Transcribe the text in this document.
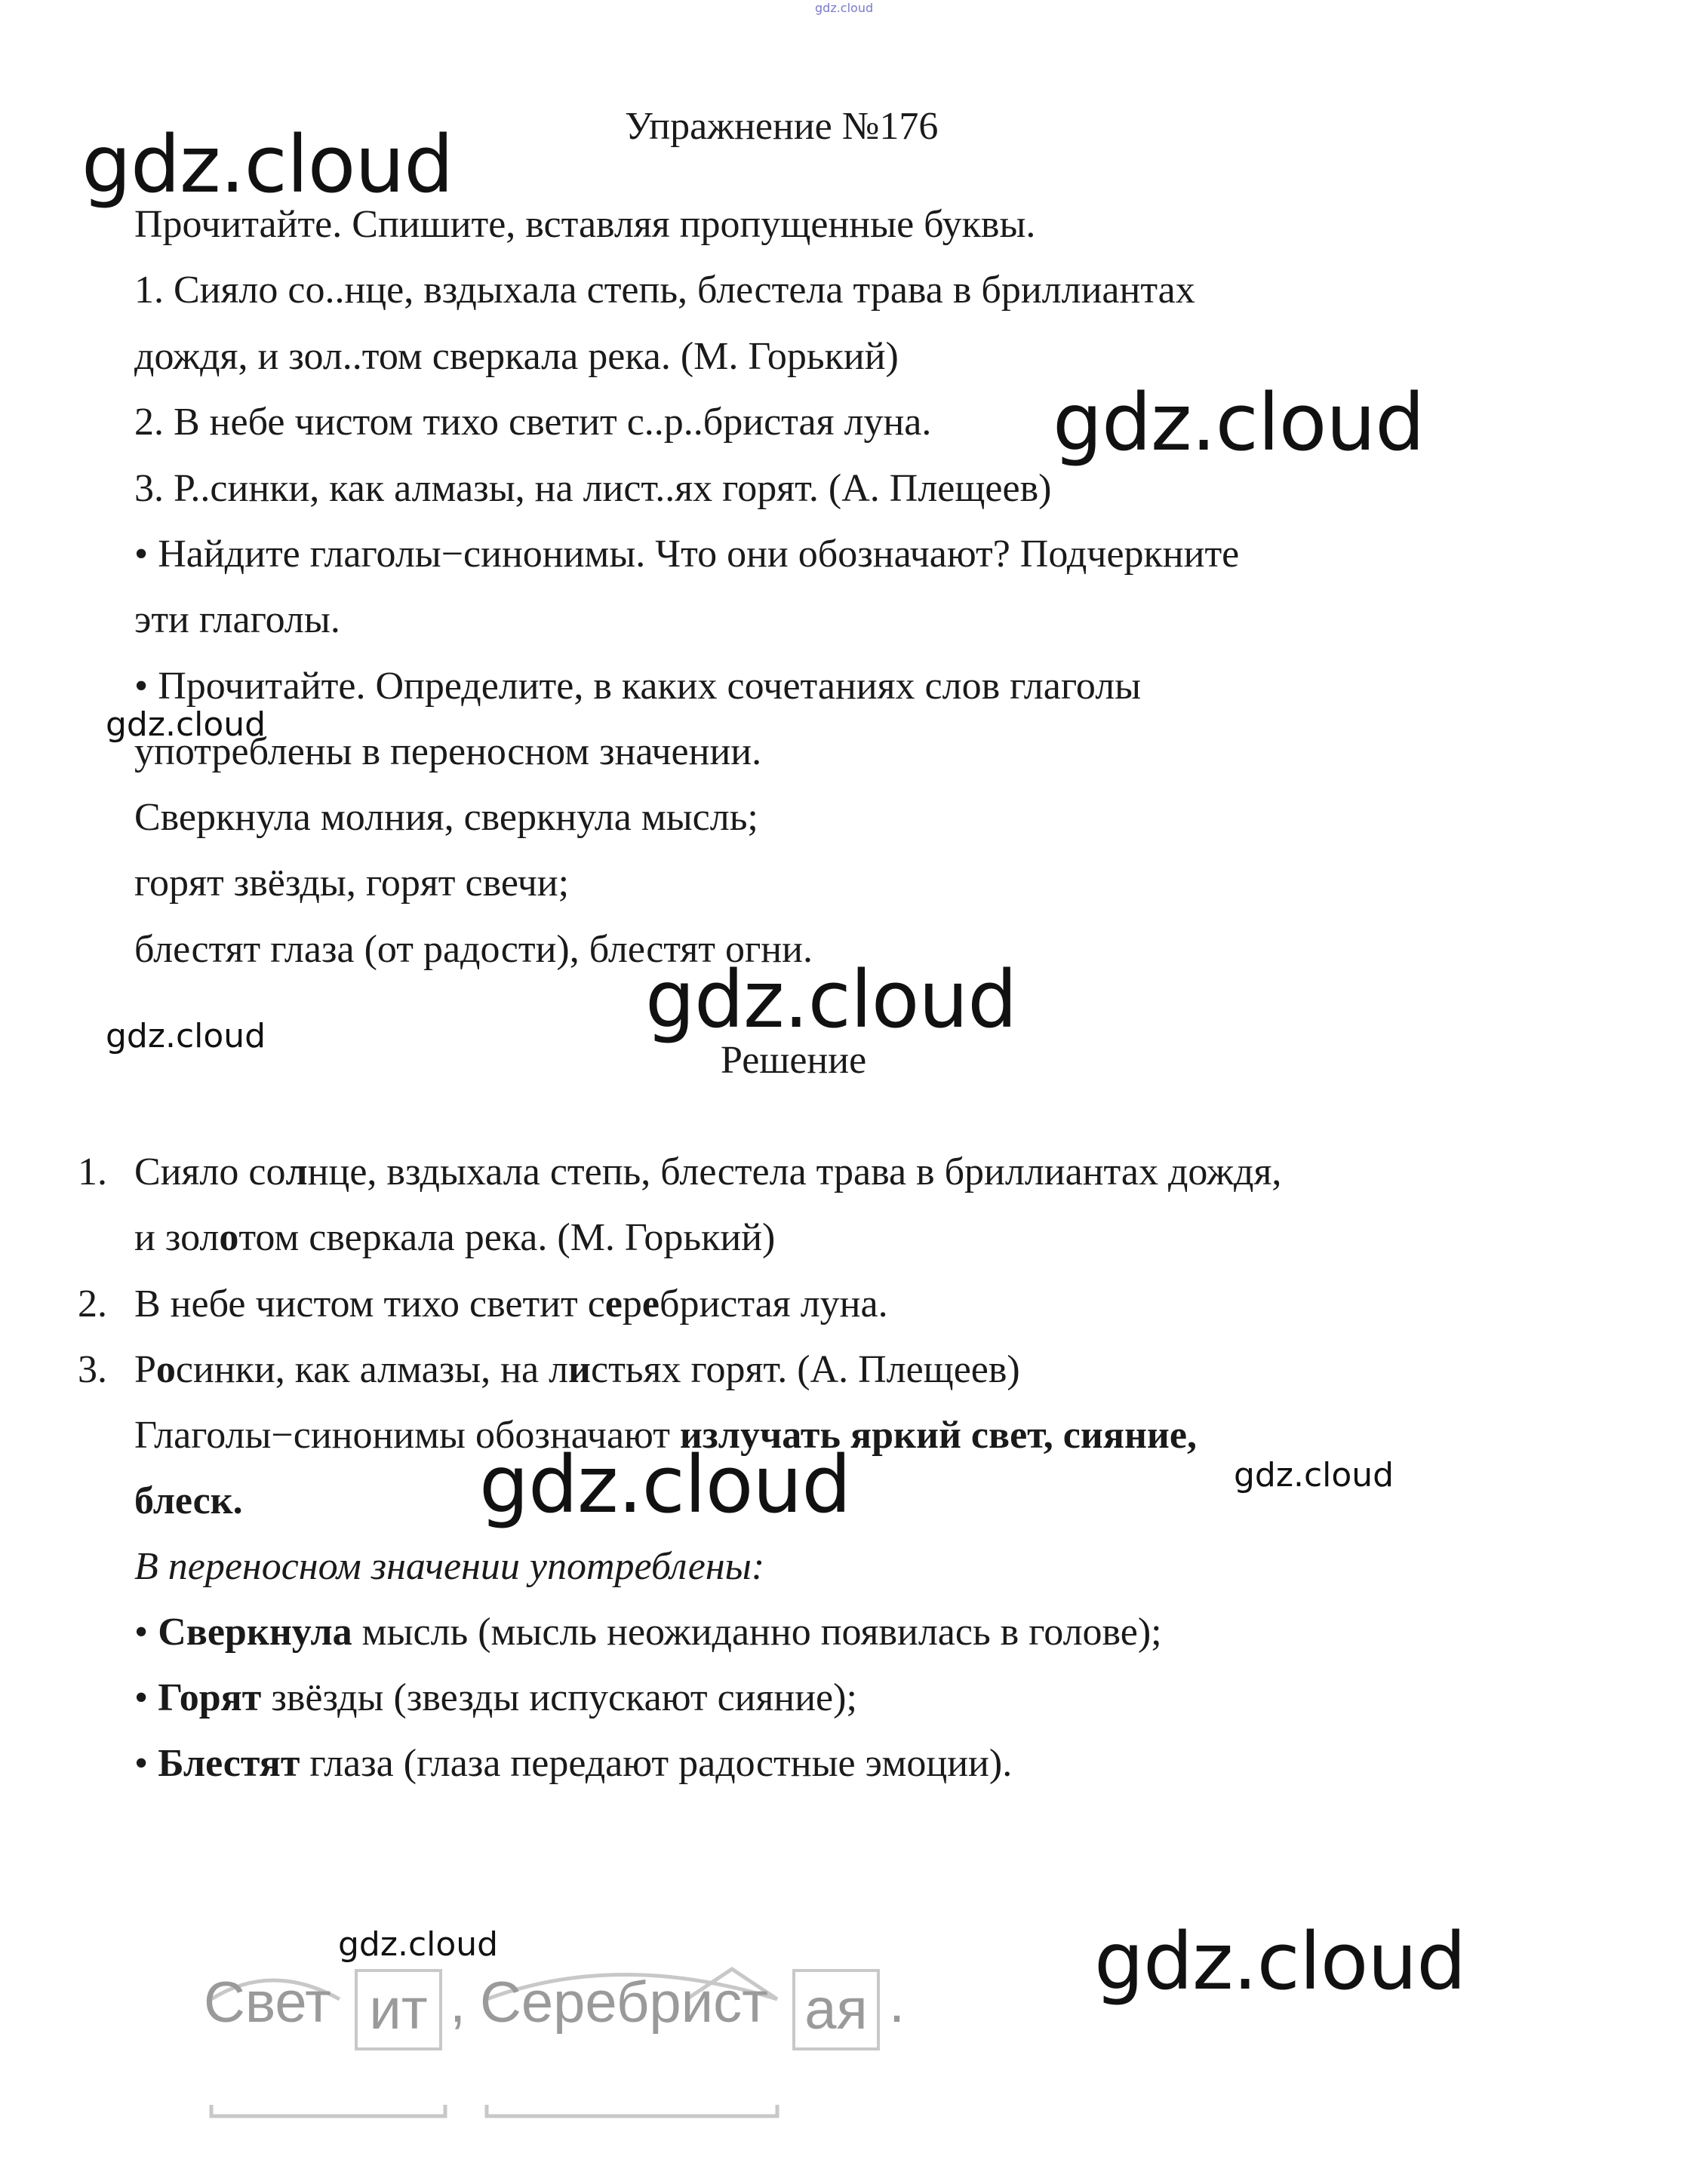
gdz.cloud
gdz.cloud
gdz.cloud
gdz.cloud
gdz.cloud
gdz.cloud
gdz.cloud	gdz.cloud
gdz.cloud	gdz.cloud
Упражнение №176
Прочитайте. Спишите, вставляя пропущенные буквы.
1. Сияло со..нце, вздыхала степь, блестела трава в бриллиантах
дождя, и зол..том сверкала река. (М. Горький)
2. В небе чистом тихо светит с..р..бристая луна.
3. Р..синки, как алмазы, на лист..ях горят. (А. Плещеев)
• Найдите глаголы−синонимы. Что они обозначают? Подчеркните
эти глаголы.
• Прочитайте. Определите, в каких сочетаниях слов глаголы
употреблены в переносном значении.
Сверкнула молния, сверкнула мысль;
горят звёзды, горят свечи;
блестят глаза (от радости), блестят огни.
Решение
1. Сияло солнце, вздыхала степь, блестела трава в бриллиантах дождя,
и золотом сверкала река. (М. Горький)
2. В небе чистом тихо светит серебристая луна.
3. Росинки, как алмазы, на листьях горят. (А. Плещеев)
Глаголы−синонимы обозначают излучать яркий свет, сияние,
блеск.
В переносном значении употреблены:
• Сверкнула мысль (мысль неожиданно появилась в голове);
• Горят звёзды (звезды испускают сияние);
• Блестят глаза (глаза передают радостные эмоции).
Свет ит , Серебрист ая .
